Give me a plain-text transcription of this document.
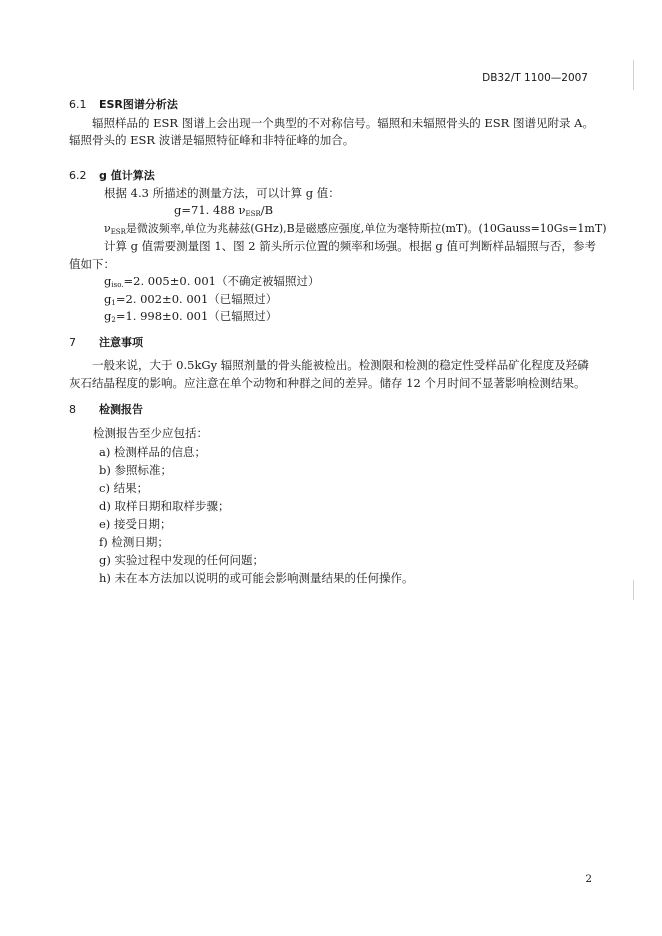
DB32/T 1100—2007
6.1 ESR图谱分析法
辐照样品的 ESR 图谱上会出现一个典型的不对称信号。辐照和未辐照骨头的 ESR 图谱见附录 A。
辐照骨头的 ESR 波谱是辐照特征峰和非特征峰的加合。
6.2 g 值计算法
根据 4.3 所描述的测量方法，可以计算 g 值：
g=71. 488 $\nu_{ESR}/B$
$\nu_{ESR}$是微波频率,单位为兆赫兹(GHz),B是磁感应强度,单位为毫特斯拉(mT)。(10Gauss=10Gs=1mT)
计算 g 值需要测量图 1、图 2 箭头所示位置的频率和场强。根据 g 值可判断样品辐照与否，参考
值如下：
$g_{iso.}=2$. 005±0. 001（不确定被辐照过）
$g_1=2$. 002±0. 001（已辐照过）
$g_2=1$. 998±0. 001（已辐照过）
7 注意事项
一般来说，大于 0.5kGy 辐照剂量的骨头能被检出。检测限和检测的稳定性受样品矿化程度及羟磷
灰石结晶程度的影响。应注意在单个动物和种群之间的差异。储存 12 个月时间不显著影响检测结果。
8 检测报告
检测报告至少应包括：
a) 检测样品的信息；
b) 参照标准；
c) 结果；
d) 取样日期和取样步骤；
e) 接受日期；
f) 检测日期；
g) 实验过程中发现的任何问题；
h) 未在本方法加以说明的或可能会影响测量结果的任何操作。
2
